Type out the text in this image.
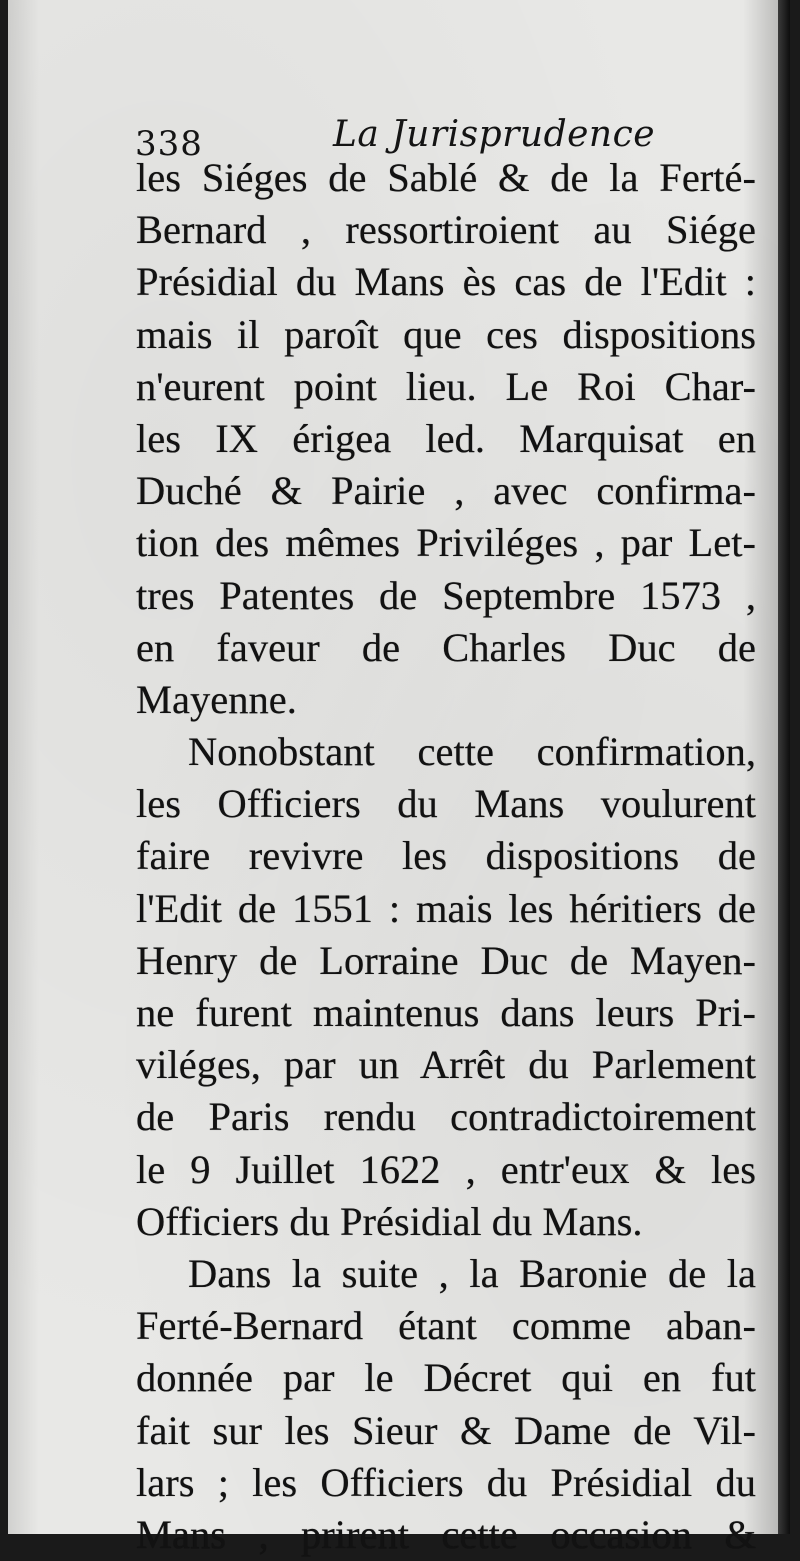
338	La Jurisprudence
les Siéges de Sablé & de la Ferté-
Bernard , ressortiroient au Siége
Présidial du Mans ès cas de l'Edit :
mais il paroît que ces dispositions
n'eurent point lieu. Le Roi Char-
les IX érigea led. Marquisat en
Duché & Pairie , avec confirma-
tion des mêmes Priviléges , par Let-
tres Patentes de Septembre 1573 ,
en faveur de Charles Duc de
Mayenne.
Nonobstant cette confirmation,
les Officiers du Mans voulurent
faire revivre les dispositions de
l'Edit de 1551 : mais les héritiers de
Henry de Lorraine Duc de Mayen-
ne furent maintenus dans leurs Pri-
viléges, par un Arrêt du Parlement
de Paris rendu contradictoirement
le 9 Juillet 1622 , entr'eux & les
Officiers du Présidial du Mans.
Dans la suite , la Baronie de la
Ferté-Bernard étant comme aban-
donnée par le Décret qui en fut
fait sur les Sieur & Dame de Vil-
lars ; les Officiers du Présidial du
Mans , prirent cette occasion &
